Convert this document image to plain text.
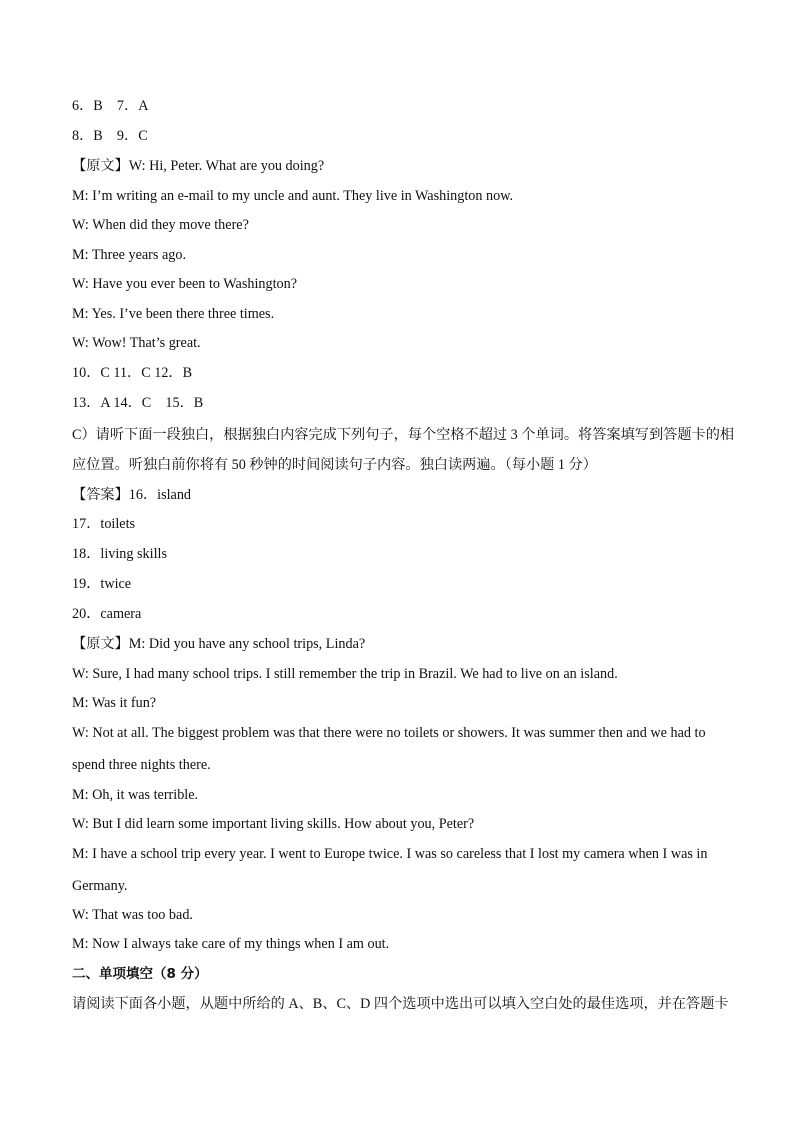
6．B　7．A
8．B　9．C
【原文】W: Hi, Peter. What are you doing?
M: I’m writing an e-mail to my uncle and aunt. They live in Washington now.
W: When did they move there?
M: Three years ago.
W: Have you ever been to Washington?
M: Yes. I’ve been there three times.
W: Wow! That’s great.
10．C 11．C 12．B
13．A 14．C　15．B
C）请听下面一段独白，根据独白内容完成下列句子，每个空格不超过 3 个单词。将答案填写到答题卡的相
应位置。听独白前你将有 50 秒钟的时间阅读句子内容。独白读两遍。（每小题 1 分）
【答案】16．island
17．toilets
18．living skills
19．twice
20．camera
【原文】M: Did you have any school trips, Linda?
W: Sure, I had many school trips. I still remember the trip in Brazil. We had to live on an island.
M: Was it fun?
W: Not at all. The biggest problem was that there were no toilets or showers. It was summer then and we had to
spend three nights there.
M: Oh, it was terrible.
W: But I did learn some important living skills. How about you, Peter?
M: I have a school trip every year. I went to Europe twice. I was so careless that I lost my camera when I was in
Germany.
W: That was too bad.
M: Now I always take care of my things when I am out.
二、单项填空（8 分）
请阅读下面各小题，从题中所给的 A、B、C、D 四个选项中选出可以填入空白处的最佳选项，并在答题卡
